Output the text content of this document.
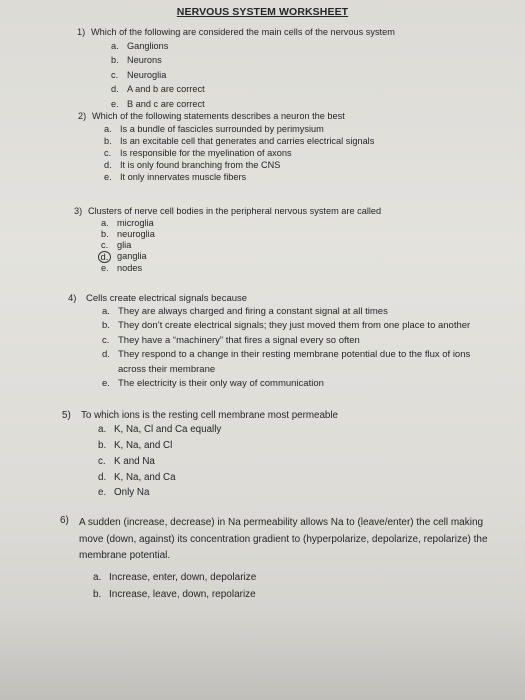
NERVOUS SYSTEM WORKSHEET
1) Which of the following are considered the main cells of the nervous system
a. Ganglions
b. Neurons
c. Neuroglia
d. A and b are correct
e. B and c are correct
2) Which of the following statements describes a neuron the best
a. Is a bundle of fascicles surrounded by perimysium
b. Is an excitable cell that generates and carries electrical signals
c. Is responsible for the myelination of axons
d. It is only found branching from the CNS
e. It only innervates muscle fibers
3) Clusters of nerve cell bodies in the peripheral nervous system are called
a. microglia
b. neuroglia
c. glia
d. ganglia
e. nodes
4)	Cells create electrical signals because
a. They are always charged and firing a constant signal at all times
b. They don’t create electrical signals; they just moved them from one place to another
c. They have a “machinery” that fires a signal every so often
d. They respond to a change in their resting membrane potential due to the flux of ions
across their membrane
e. The electricity is their only way of communication
5)	To which ions is the resting cell membrane most permeable
a. K, Na, Cl and Ca equally
b. K, Na, and Cl
c. K and Na
d. K, Na, and Ca
e. Only Na
6)	A sudden (increase, decrease) in Na permeability allows Na to (leave/enter) the cell making
move (down, against) its concentration gradient to (hyperpolarize, depolarize, repolarize) the
membrane potential.
a. Increase, enter, down, depolarize
b. Increase, leave, down, repolarize
